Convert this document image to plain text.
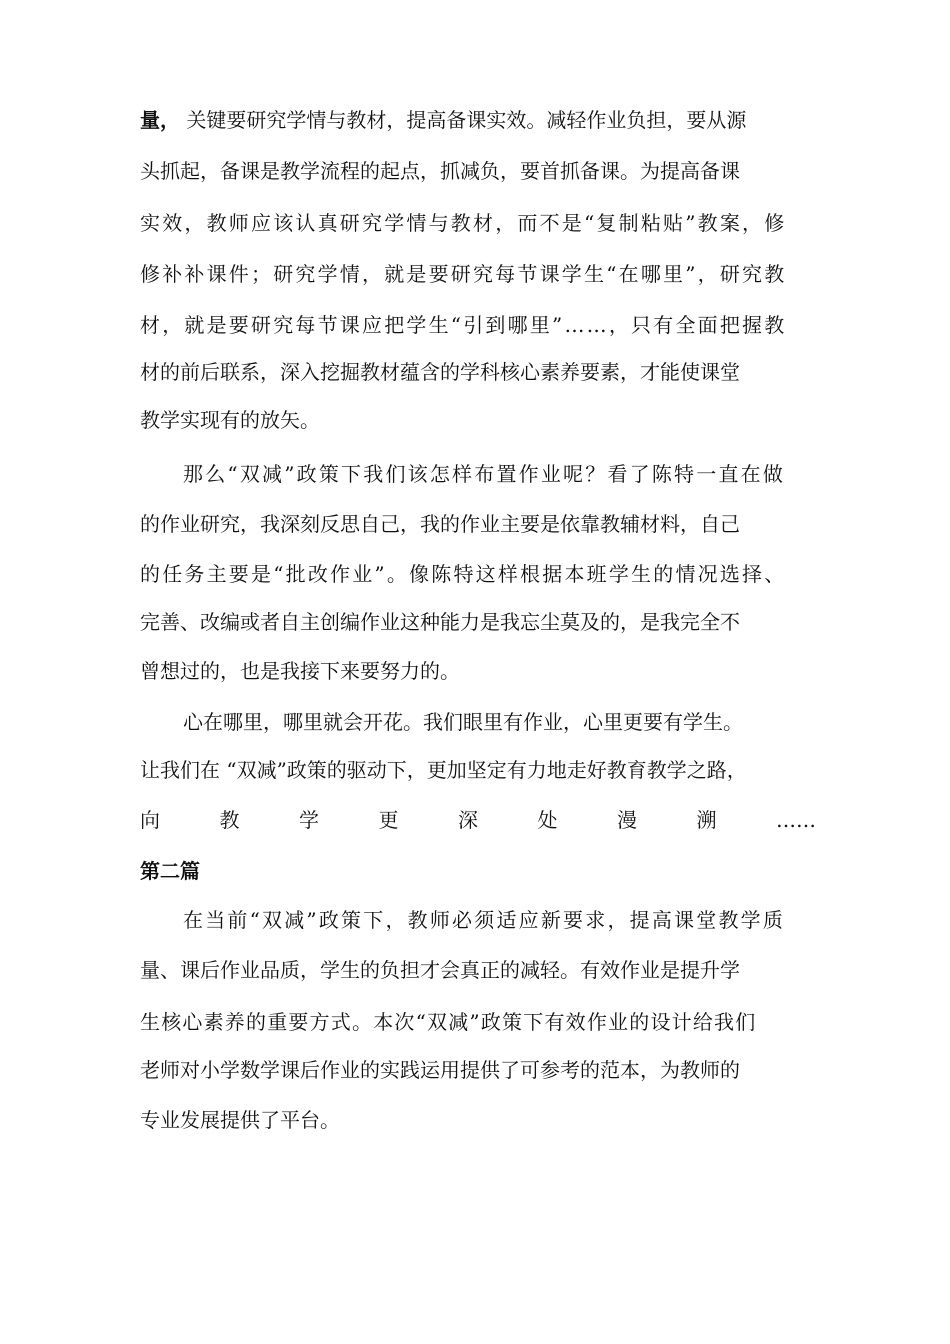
量， 关键要研究学情与教材，提高备课实效。减轻作业负担，要从源
头抓起，备课是教学流程的起点，抓减负，要首抓备课。为提高备课
实效，教师应该认真研究学情与教材，而不是“复制粘贴”教案，修
修补补课件；研究学情，就是要研究每节课学生“在哪里”，研究教
材，就是要研究每节课应把学生“引到哪里”……，只有全面把握教
材的前后联系，深入挖掘教材蕴含的学科核心素养要素，才能使课堂
教学实现有的放矢。
那么“双减”政策下我们该怎样布置作业呢？看了陈特一直在做
的作业研究，我深刻反思自己，我的作业主要是依靠教辅材料，自己
的任务主要是“批改作业”。像陈特这样根据本班学生的情况选择、
完善、改编或者自主创编作业这种能力是我忘尘莫及的，是我完全不
曾想过的，也是我接下来要努力的。
心在哪里，哪里就会开花。我们眼里有作业，心里更要有学生。
让我们在 “双减”政策的驱动下，更加坚定有力地走好教育教学之路，
向	教	学	更	深	处	漫	溯	……
第二篇
在当前“双减”政策下，教师必须适应新要求，提高课堂教学质
量、课后作业品质，学生的负担才会真正的减轻。有效作业是提升学
生核心素养的重要方式。本次“双减”政策下有效作业的设计给我们
老师对小学数学课后作业的实践运用提供了可参考的范本，为教师的
专业发展提供了平台。
